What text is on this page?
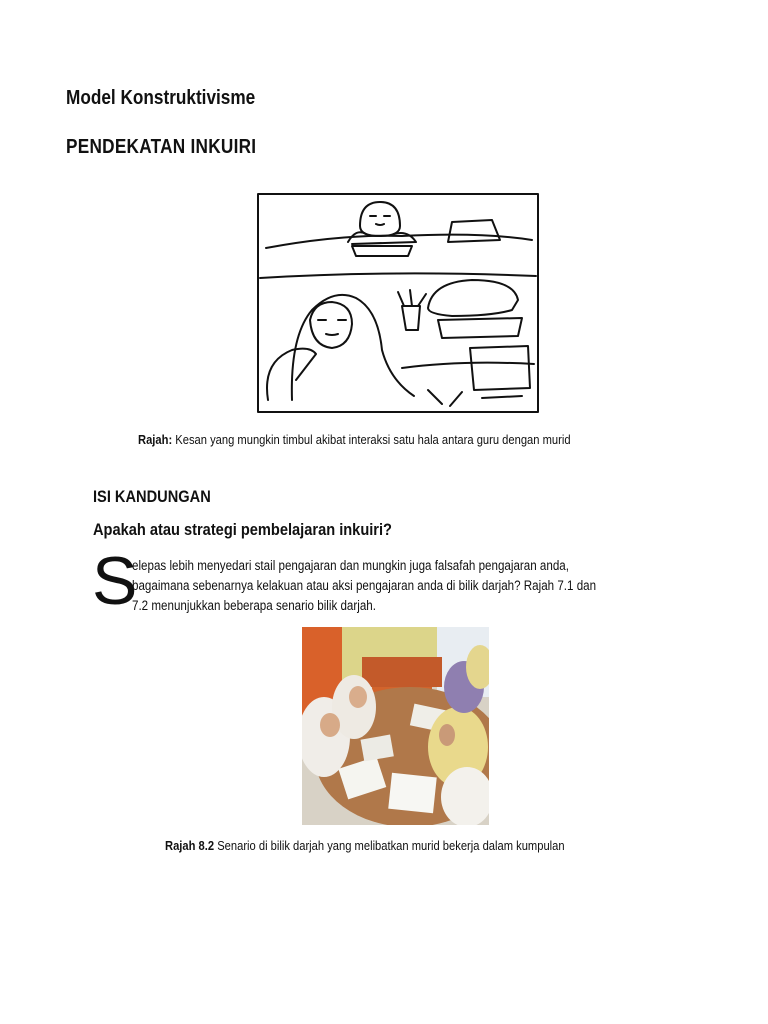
Model Konstruktivisme
PENDEKATAN INKUIRI

Rajah: Kesan yang mungkin timbul akibat interaksi satu hala antara guru dengan murid

ISI KANDUNGAN
Apakah atau strategi pembelajaran inkuiri?
S

elepas lebih menyedari stail pengajaran dan mungkin juga falsafah pengajaran anda,
bagaimana sebenarnya kelakuan atau aksi pengajaran anda di bilik darjah? Rajah 7.1 dan
7.2 menunjukkan beberapa senario bilik darjah.

Rajah 8.2 Senario di bilik darjah yang melibatkan murid bekerja dalam kumpulan
